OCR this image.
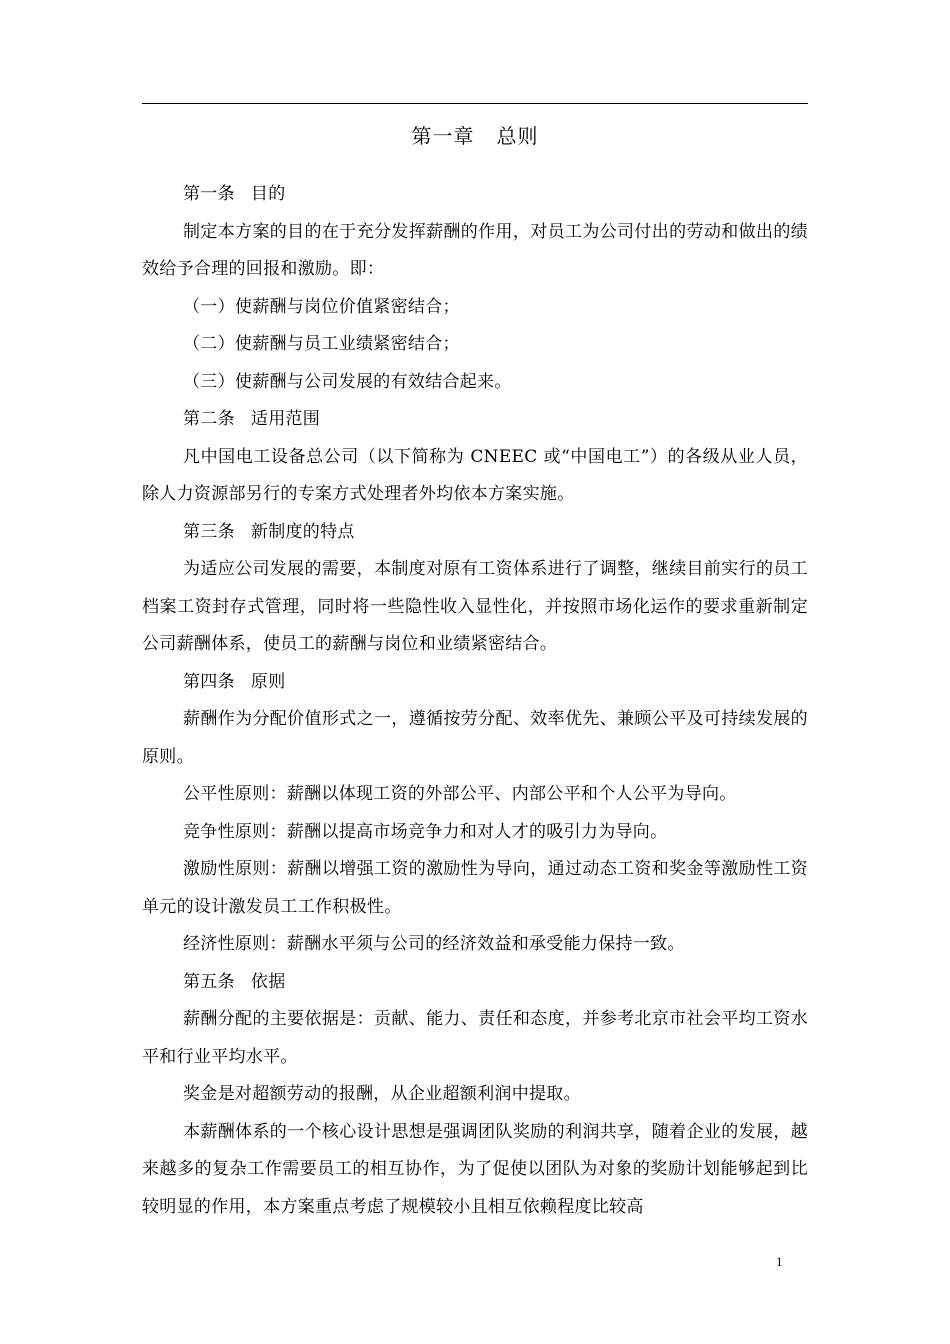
第一章 总则

第一条 目的

制定本方案的目的在于充分发挥薪酬的作用，对员工为公司付出的劳动和做出的绩效给予合理的回报和激励。即：

（一）使薪酬与岗位价值紧密结合；

（二）使薪酬与员工业绩紧密结合；

（三）使薪酬与公司发展的有效结合起来。

第二条 适用范围

凡中国电工设备总公司（以下简称为 CNEEC 或“中国电工”）的各级从业人员，除人力资源部另行的专案方式处理者外均依本方案实施。

第三条 新制度的特点

为适应公司发展的需要，本制度对原有工资体系进行了调整，继续目前实行的员工档案工资封存式管理，同时将一些隐性收入显性化，并按照市场化运作的要求重新制定公司薪酬体系，使员工的薪酬与岗位和业绩紧密结合。

第四条 原则

薪酬作为分配价值形式之一，遵循按劳分配、效率优先、兼顾公平及可持续发展的原则。

公平性原则：薪酬以体现工资的外部公平、内部公平和个人公平为导向。

竞争性原则：薪酬以提高市场竞争力和对人才的吸引力为导向。

激励性原则：薪酬以增强工资的激励性为导向，通过动态工资和奖金等激励性工资单元的设计激发员工工作积极性。

经济性原则：薪酬水平须与公司的经济效益和承受能力保持一致。

第五条 依据

薪酬分配的主要依据是：贡献、能力、责任和态度，并参考北京市社会平均工资水平和行业平均水平。

奖金是对超额劳动的报酬，从企业超额利润中提取。

本薪酬体系的一个核心设计思想是强调团队奖励的利润共享，随着企业的发展，越来越多的复杂工作需要员工的相互协作，为了促使以团队为对象的奖励计划能够起到比较明显的作用，本方案重点考虑了规模较小且相互依赖程度比较高

1
